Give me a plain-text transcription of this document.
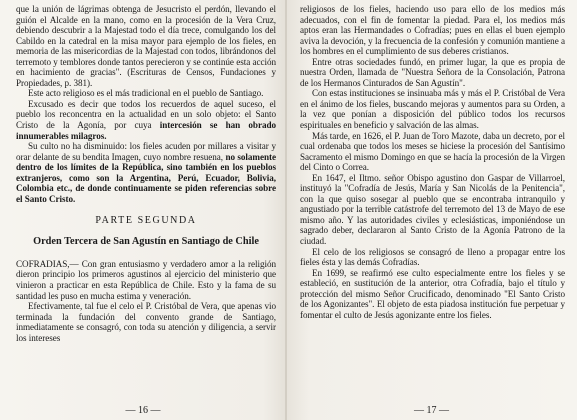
que la unión de lágrimas obtenga de Jesucristo el perdón, llevando el guión el Alcalde en la mano, como en la procesión de la Vera Cruz, debiendo descubrir a la Majestad todo el día trece, comulgando los del Cabildo en la catedral en la misa mayor para ejemplo de los fieles, en memoria de las misericordias de la Majestad con todos, librándonos del terremoto y temblores donde tantos perecieron y se continúe esta acción en hacimiento de gracias". (Escrituras de Censos, Fundaciones y Propiedades, p. 381).

Este acto religioso es el más tradicional en el pueblo de Santiago.

Excusado es decir que todos los recuerdos de aquel suceso, el pueblo los reconcentra en la actualidad en un solo objeto: el Santo Cristo de la Agonía, por cuya intercesión se han obrado innumerables milagros.

Su culto no ha disminuido: los fieles acuden por millares a visitar y orar delante de su bendita Imagen, cuyo nombre resuena, no solamente dentro de los límites de la República, sino también en los pueblos extranjeros, como son la Argentina, Perú, Ecuador, Bolivia, Colombia etc., de donde continuamente se piden referencias sobre el Santo Cristo.

PARTE SEGUNDA
Orden Tercera de San Agustín en Santiago de Chile

COFRADIAS,— Con gran entusiasmo y verdadero amor a la religión dieron principio los primeros agustinos al ejercicio del ministerio que vinieron a practicar en esta República de Chile. Esto y la fama de su santidad les puso en mucha estima y veneración.

Efectivamente, tal fue el celo el P. Cristóbal de Vera, que apenas vio terminada la fundación del convento grande de Santiago, inmediatamente se consagró, con toda su atención y diligencia, a servir los intereses

— 16 —

religiosos de los fieles, haciendo uso para ello de los medios más adecuados, con el fin de fomentar la piedad. Para el, los medios más aptos eran las Hermandades o Cofradías; pues en ellas el buen ejemplo aviva la devoción, y la frecuencia de la confesión y comunión mantiene a los hombres en el cumplimiento de sus deberes cristianos.

Entre otras sociedades fundó, en primer lugar, la que es propia de nuestra Orden, llamada de "Nuestra Señora de la Consolación, Patrona de los Hermanos Cinturados de San Agustín".

Con estas instituciones se insinuaba más y más el P. Cristóbal de Vera en el ánimo de los fieles, buscando mejoras y aumentos para su Orden, a la vez que ponían a disposición del público todos los recursos espirituales en beneficio y salvación de las almas.

Más tarde, en 1626, el P. Juan de Toro Mazote, daba un decreto, por el cual ordenaba que todos los meses se hiciese la procesión del Santísimo Sacramento el mismo Domingo en que se hacía la procesión de la Virgen del Cinto o Correa.

En 1647, el Iltmo. señor Obispo agustino don Gaspar de Villarroel, instituyó la "Cofradía de Jesús, María y San Nicolás de la Penitencia", con la que quiso sosegar al pueblo que se encontraba intranquilo y angustiado por la terrible catástrofe del terremoto del 13 de Mayo de ese mismo año. Y las autoridades civiles y eclesiásticas, imponiéndose un sagrado deber, declararon al Santo Cristo de la Agonía Patrono de la ciudad.

El celo de los religiosos se consagró de lleno a propagar entre los fieles ésta y las demás Cofradías.

En 1699, se reafirmó ese culto especialmente entre los fieles y se estableció, en sustitución de la anterior, otra Cofradía, bajo el título y protección del mismo Señor Crucificado, denominado "El Santo Cristo de los Agonizantes". El objeto de esta piadosa institución fue perpetuar y fomentar el culto de Jesús agonizante entre los fieles.

— 17 —
